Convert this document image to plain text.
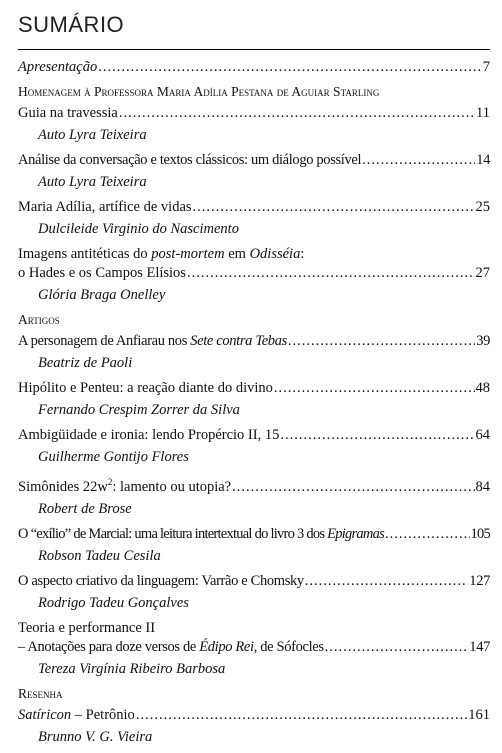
SUMÁRIO
Apresentação .....	7
Homenagem à Professora Maria Adília Pestana de Aguiar Starling
Guia na travessia .....	11
Auto Lyra Teixeira
Análise da conversação e textos clássicos: um diálogo possível .....	14
Auto Lyra Teixeira
Maria Adília, artífice de vidas .....	25
Dulcileide Virginio do Nascimento
Imagens antitéticas do post-mortem em Odisséia:
o Hades e os Campos Elísios .....	27
Glória Braga Onelley
Artigos
A personagem de Anfiarau nos Sete contra Tebas .....	39
Beatriz de Paoli
Hipólito e Penteu: a reação diante do divino .....	48
Fernando Crespim Zorrer da Silva
Ambigüidade e ironia: lendo Propércio II, 15 .....	64
Guilherme Gontijo Flores
Simônides $22w^2$: lamento ou utopia? .....	84
Robert de Brose
O “exílio” de Marcial: uma leitura intertextual do livro 3 dos Epigramas .....	105
Robson Tadeu Cesila
O aspecto criativo da linguagem: Varrão e Chomsky .....	127
Rodrigo Tadeu Gonçalves
Teoria e performance II
– Anotações para doze versos de Édipo Rei, de Sófocles .....	147
Tereza Virgínia Ribeiro Barbosa
Resenha
Satíricon – Petrônio .....	161
Brunno V. G. Vieira
